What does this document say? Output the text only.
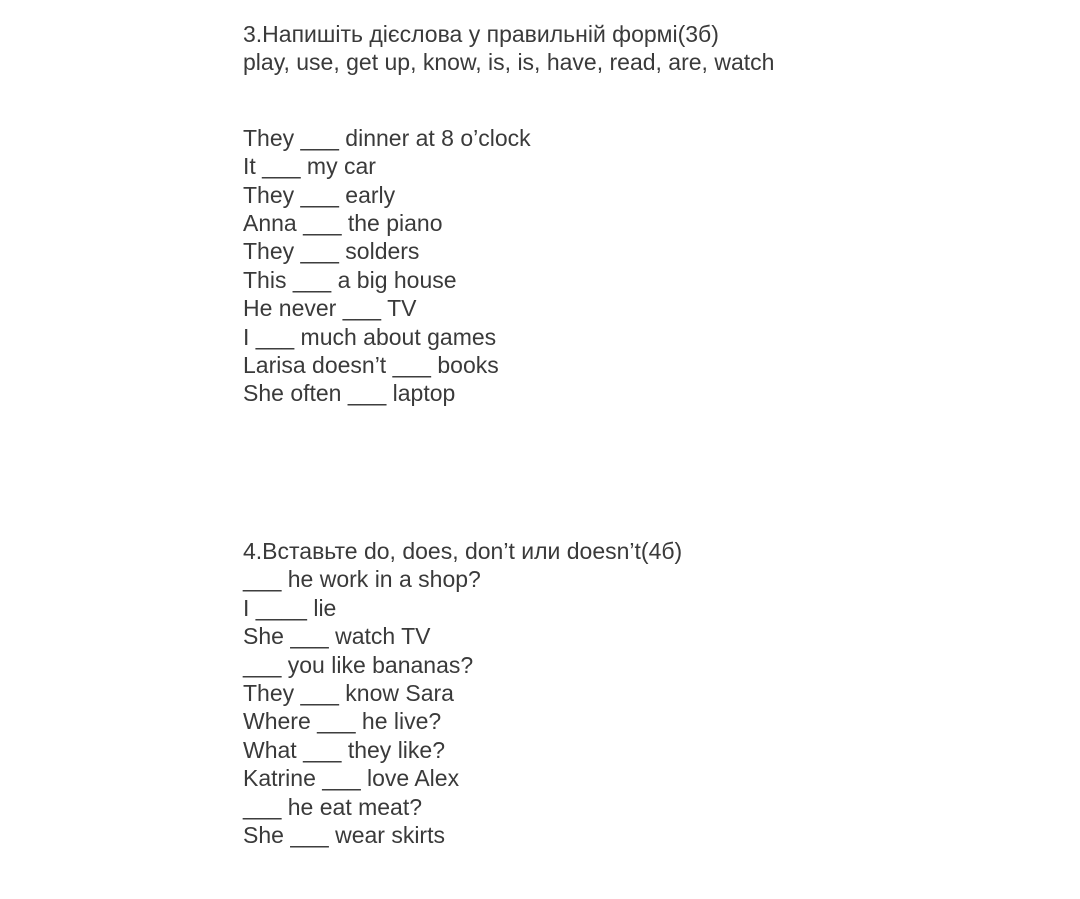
3.Напишіть дієслова у правильній формі(3б)
play, use, get up, know, is, is, have, read, are, watch
They ___ dinner at 8 o’clock
It ___ my car
They ___ early
Anna ___ the piano
They ___ solders
This ___ a big house
He never ___ TV
I ___ much about games
Larisa doesn’t ___ books
She often ___ laptop
4.Вставьте do, does, don’t или doesn’t(4б)
___ he work in a shop?
I ____ lie
She ___ watch TV
___ you like bananas?
They ___ know Sara
Where ___ he live?
What ___ they like?
Katrine ___ love Alex
___ he eat meat?
She ___ wear skirts
